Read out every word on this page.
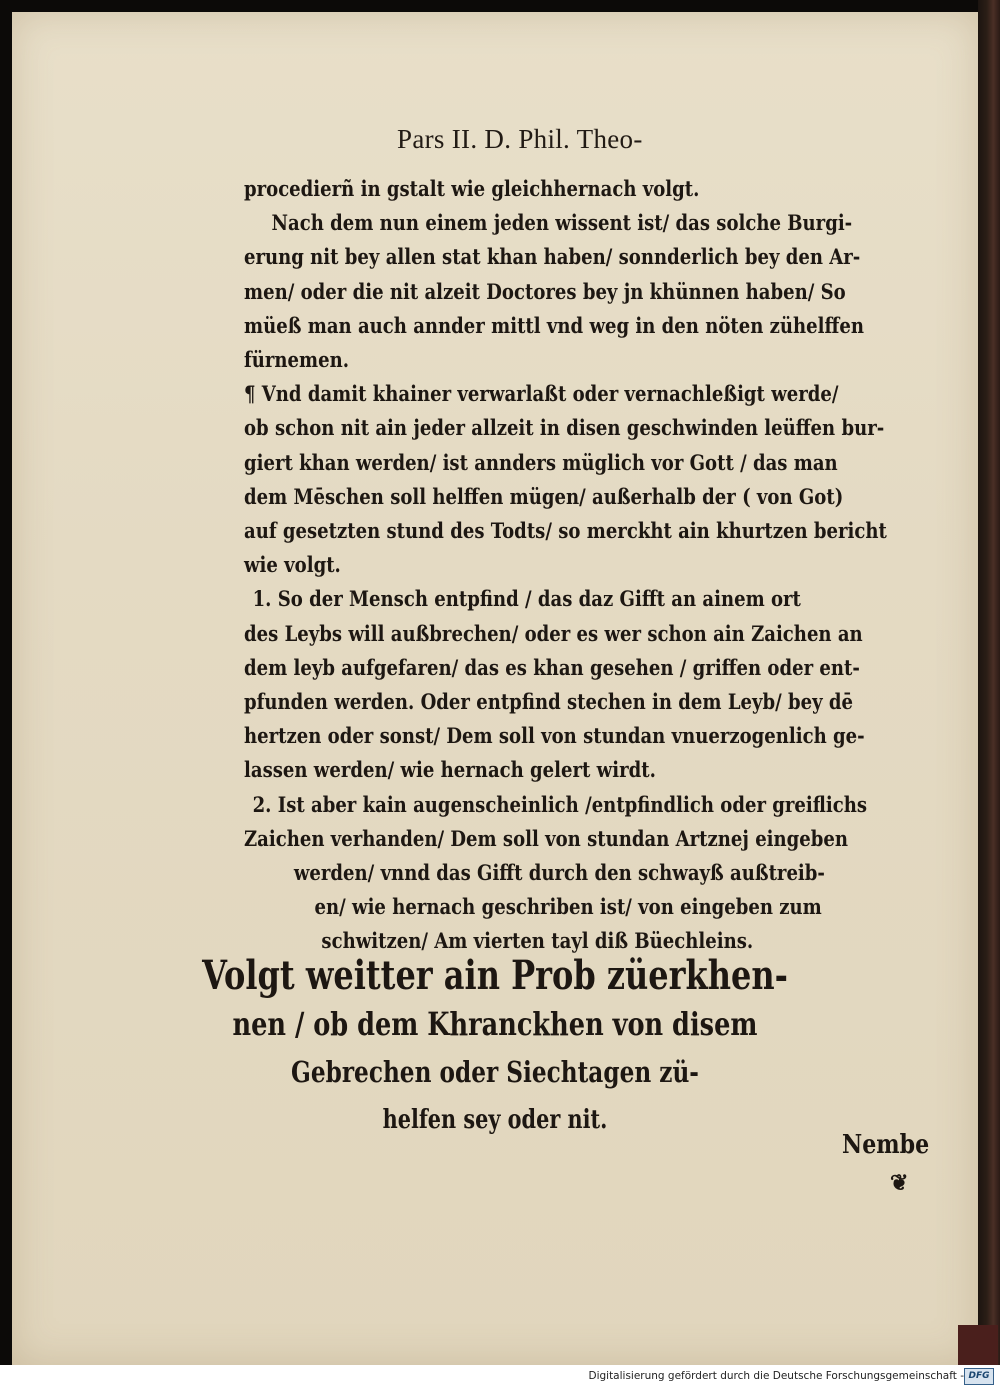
Pars II. D. Phil. Theo-

procedierñ in gstalt wie gleichhernach volgt.
Nach dem nun einem jeden wissent ist/ das solche Burgi-
erung nit bey allen stat khan haben/ sonnderlich bey den Ar-
men/ oder die nit alzeit Doctores bey jn khünnen haben/ So
müeß man auch annder mittl vnd weg in den nöten zühelffen
fürnemen.
¶ Vnd damit khainer verwarlaßt oder vernachleßigt werde/
ob schon nit ain jeder allzeit in disen geschwinden leüffen bur-
giert khan werden/ ist annders müglich vor Gott / das man
dem Mēschen soll helffen mügen/ außerhalb der ( von Got)
auf gesetzten stund des Todts/ so merckht ain khurtzen bericht
wie volgt.
1. So der Mensch entpfind / das daz Gifft an ainem ort
des Leybs will außbrechen/ oder es wer schon ain Zaichen an
dem leyb aufgefaren/ das es khan gesehen / griffen oder ent-
pfunden werden. Oder entpfind stechen in dem Leyb/ bey dē
hertzen oder sonst/ Dem soll von stundan vnuerzogenlich ge-
lassen werden/ wie hernach gelert wirdt.
2. Ist aber kain augenscheinlich /entpfindlich oder greiflichs
Zaichen verhanden/ Dem soll von stundan Artznej eingeben
werden/ vnnd das Gifft durch den schwayß außtreib-
en/ wie hernach geschriben ist/ von eingeben zum
schwitzen/ Am vierten tayl diß Büechleins.
Volgt weitter ain Prob züerkhen-
nen / ob dem Khranckhen von disem
Gebrechen oder Siechtagen zü-
helfen sey oder nit.

Nembe

❦

Digitalisierung gefördert durch die Deutsche Forschungsgemeinschaft - DFG
